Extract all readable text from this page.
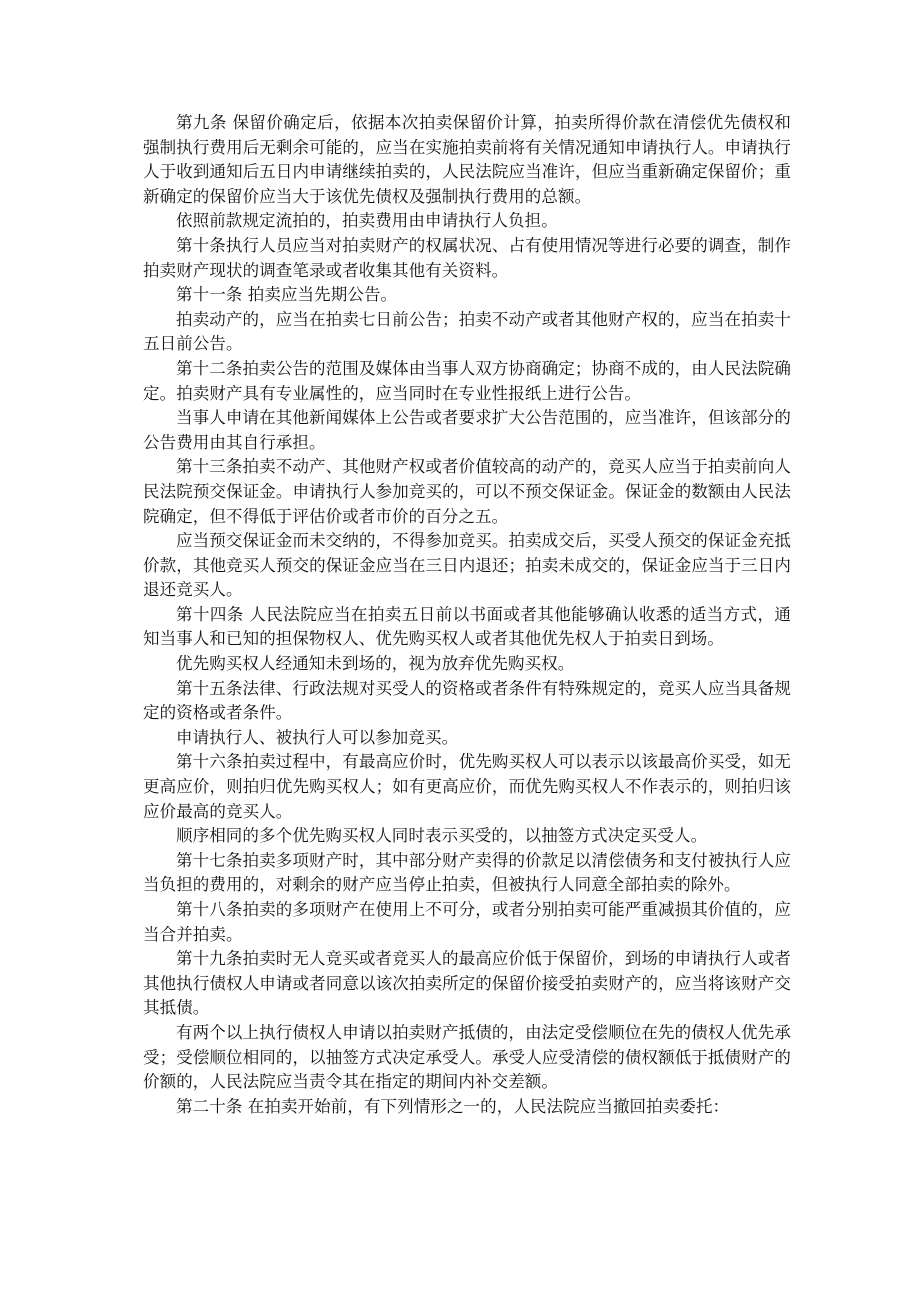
第九条 保留价确定后，依据本次拍卖保留价计算，拍卖所得价款在清偿优先债权和强制执行费用后无剩余可能的，应当在实施拍卖前将有关情况通知申请执行人。申请执行人于收到通知后五日内申请继续拍卖的，人民法院应当准许，但应当重新确定保留价；重新确定的保留价应当大于该优先债权及强制执行费用的总额。

依照前款规定流拍的，拍卖费用由申请执行人负担。

第十条执行人员应当对拍卖财产的权属状况、占有使用情况等进行必要的调查，制作拍卖财产现状的调查笔录或者收集其他有关资料。

第十一条 拍卖应当先期公告。

拍卖动产的，应当在拍卖七日前公告；拍卖不动产或者其他财产权的，应当在拍卖十五日前公告。

第十二条拍卖公告的范围及媒体由当事人双方协商确定；协商不成的，由人民法院确定。拍卖财产具有专业属性的，应当同时在专业性报纸上进行公告。

当事人申请在其他新闻媒体上公告或者要求扩大公告范围的，应当准许，但该部分的公告费用由其自行承担。

第十三条拍卖不动产、其他财产权或者价值较高的动产的，竞买人应当于拍卖前向人民法院预交保证金。申请执行人参加竞买的，可以不预交保证金。保证金的数额由人民法院确定，但不得低于评估价或者市价的百分之五。

应当预交保证金而未交纳的，不得参加竞买。拍卖成交后，买受人预交的保证金充抵价款，其他竞买人预交的保证金应当在三日内退还；拍卖未成交的，保证金应当于三日内退还竞买人。

第十四条 人民法院应当在拍卖五日前以书面或者其他能够确认收悉的适当方式，通知当事人和已知的担保物权人、优先购买权人或者其他优先权人于拍卖日到场。

优先购买权人经通知未到场的，视为放弃优先购买权。

第十五条法律、行政法规对买受人的资格或者条件有特殊规定的，竞买人应当具备规定的资格或者条件。

申请执行人、被执行人可以参加竞买。

第十六条拍卖过程中，有最高应价时，优先购买权人可以表示以该最高价买受，如无更高应价，则拍归优先购买权人；如有更高应价，而优先购买权人不作表示的，则拍归该应价最高的竞买人。

顺序相同的多个优先购买权人同时表示买受的，以抽签方式决定买受人。

第十七条拍卖多项财产时，其中部分财产卖得的价款足以清偿债务和支付被执行人应当负担的费用的，对剩余的财产应当停止拍卖，但被执行人同意全部拍卖的除外。

第十八条拍卖的多项财产在使用上不可分，或者分别拍卖可能严重减损其价值的，应当合并拍卖。

第十九条拍卖时无人竞买或者竞买人的最高应价低于保留价，到场的申请执行人或者其他执行债权人申请或者同意以该次拍卖所定的保留价接受拍卖财产的，应当将该财产交其抵债。

有两个以上执行债权人申请以拍卖财产抵债的，由法定受偿顺位在先的债权人优先承受；受偿顺位相同的，以抽签方式决定承受人。承受人应受清偿的债权额低于抵债财产的价额的，人民法院应当责令其在指定的期间内补交差额。

第二十条 在拍卖开始前，有下列情形之一的，人民法院应当撤回拍卖委托：
